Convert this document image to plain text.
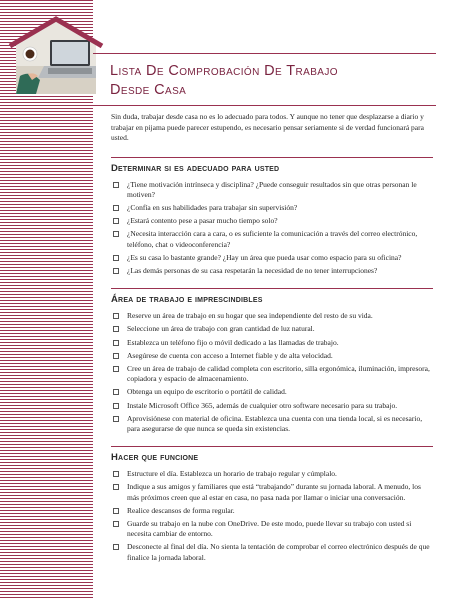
Lista De Comprobación De Trabajo
Desde Casa

Sin duda, trabajar desde casa no es lo adecuado para todos. Y aunque no tener que desplazarse a diario y trabajar en pijama puede parecer estupendo, es necesario pensar seriamente si de verdad funcionará para usted.

Determinar si es adecuado para usted
¿Tiene motivación intrínseca y disciplina? ¿Puede conseguir resultados sin que otras personan le motiven?
¿Confía en sus habilidades para trabajar sin supervisión?
¿Estará contento pese a pasar mucho tiempo solo?
¿Necesita interacción cara a cara, o es suficiente la comunicación a través del correo electrónico, teléfono, chat o videoconferencia?
¿Es su casa lo bastante grande? ¿Hay un área que pueda usar como espacio para su oficina?
¿Las demás personas de su casa respetarán la necesidad de no tener interrupciones?
Área de trabajo e imprescindibles
Reserve un área de trabajo en su hogar que sea independiente del resto de su vida.
Seleccione un área de trabajo con gran cantidad de luz natural.
Establezca un teléfono fijo o móvil dedicado a las llamadas de trabajo.
Asegúrese de cuenta con acceso a Internet fiable y de alta velocidad.
Cree un área de trabajo de calidad completa con escritorio, silla ergonómica, iluminación, impresora, copiadora y espacio de almacenamiento.
Obtenga un equipo de escritorio o portátil de calidad.
Instale Microsoft Office 365, además de cualquier otro software necesario para su trabajo.
Aprovisiónese con material de oficina. Establezca una cuenta con una tienda local, si es necesario, para asegurarse de que nunca se queda sin existencias.
Hacer que funcione
Estructure el día. Establezca un horario de trabajo regular y cúmplalo.
Indique a sus amigos y familiares que está “trabajando” durante su jornada laboral. A menudo, los más próximos creen que al estar en casa, no pasa nada por llamar o iniciar una conversación.
Realice descansos de forma regular.
Guarde su trabajo en la nube con OneDrive. De este modo, puede llevar su trabajo con usted si necesita cambiar de entorno.
Desconecte al final del día. No sienta la tentación de comprobar el correo electrónico después de que finalice la jornada laboral.
